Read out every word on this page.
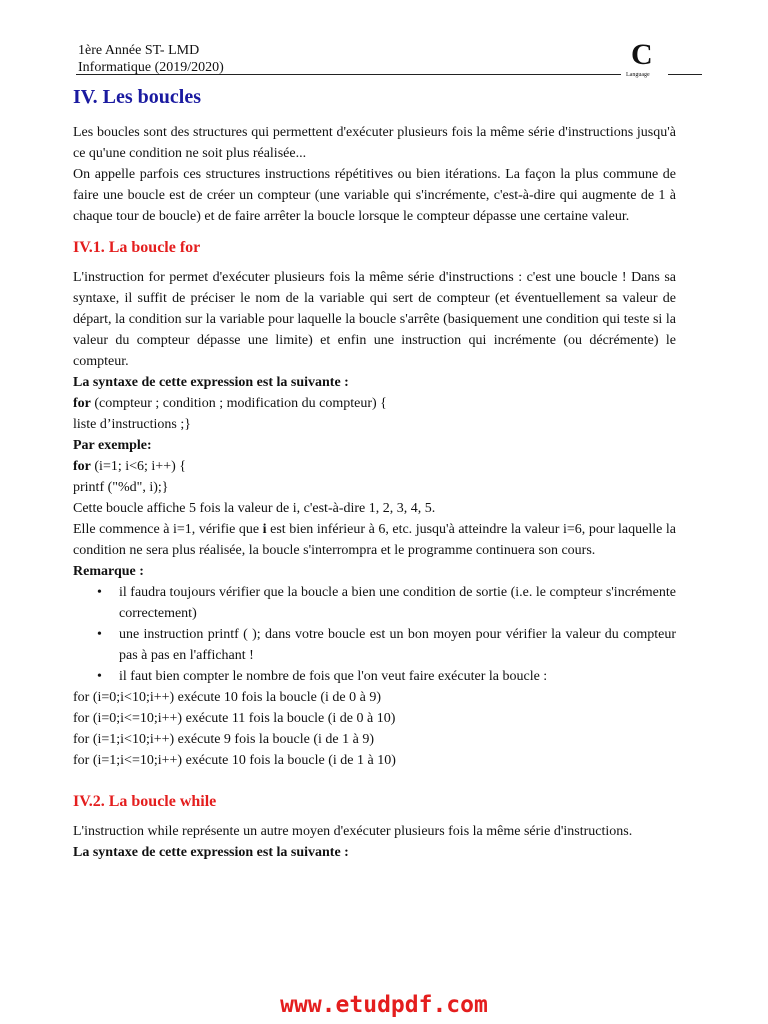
1ère Année ST- LMD
Informatique (2019/2020)	C
Language
IV. Les boucles

Les boucles sont des structures qui permettent d'exécuter plusieurs fois la même série d'instructions jusqu'à ce qu'une condition ne soit plus réalisée...

On appelle parfois ces structures instructions répétitives ou bien itérations. La façon la plus commune de faire une boucle est de créer un compteur (une variable qui s'incrémente, c'est-à-dire qui augmente de 1 à chaque tour de boucle) et de faire arrêter la boucle lorsque le compteur dépasse une certaine valeur.

IV.1. La boucle for

L'instruction for permet d'exécuter plusieurs fois la même série d'instructions : c'est une boucle ! Dans sa syntaxe, il suffit de préciser le nom de la variable qui sert de compteur (et éventuellement sa valeur de départ, la condition sur la variable pour laquelle la boucle s'arrête (basiquement une condition qui teste si la valeur du compteur dépasse une limite) et enfin une instruction qui incrémente (ou décrémente) le compteur.

La syntaxe de cette expression est la suivante :

for (compteur ; condition ; modification du compteur) {

liste d’instructions ;}

Par exemple:

for (i=1; i<6; i++) {

printf ("%d", i);}

Cette boucle affiche 5 fois la valeur de i, c'est-à-dire 1, 2, 3, 4, 5.

Elle commence à i=1, vérifie que i est bien inférieur à 6, etc. jusqu'à atteindre la valeur i=6, pour laquelle la condition ne sera plus réalisée, la boucle s'interrompra et le programme continuera son cours.

Remarque :

• il faudra toujours vérifier que la boucle a bien une condition de sortie (i.e. le compteur s'incrémente correctement)
• une instruction printf ( ); dans votre boucle est un bon moyen pour vérifier la valeur du compteur pas à pas en l'affichant !
• il faut bien compter le nombre de fois que l'on veut faire exécuter la boucle :

for (i=0;i<10;i++) exécute 10 fois la boucle (i de 0 à 9)

for (i=0;i<=10;i++) exécute 11 fois la boucle (i de 0 à 10)

for (i=1;i<10;i++) exécute 9 fois la boucle (i de 1 à 9)

for (i=1;i<=10;i++) exécute 10 fois la boucle (i de 1 à 10)

IV.2. La boucle while

L'instruction while représente un autre moyen d'exécuter plusieurs fois la même série d'instructions.

La syntaxe de cette expression est la suivante :

www.etudpdf.com
